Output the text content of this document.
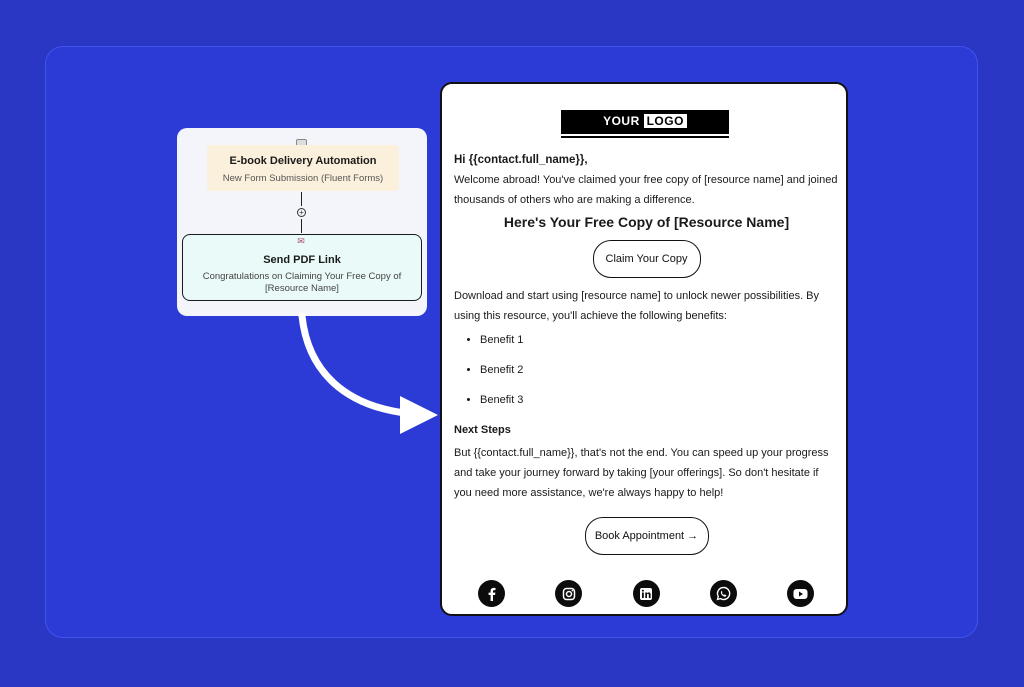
E-book Delivery Automation
New Form Submission (Fluent Forms)
+
Send PDF Link
Congratulations on Claiming Your Free Copy of [Resource Name]
✉
YOUR LOGO
Hi {{contact.full_name}},
Welcome abroad! You've claimed your free copy of [resource name] and joined thousands of others who are making a difference.
Here's Your Free Copy of [Resource Name]
Claim Your Copy
Download and start using [resource name] to unlock newer possibilities. By using this resource, you'll achieve the following benefits:
• Benefit 1
• Benefit 2
• Benefit 3
Next Steps
But {{contact.full_name}}, that's not the end. You can speed up your progress and take your journey forward by taking [your offerings]. So don't hesitate if you need more assistance, we're always happy to help!
Book Appointment →
